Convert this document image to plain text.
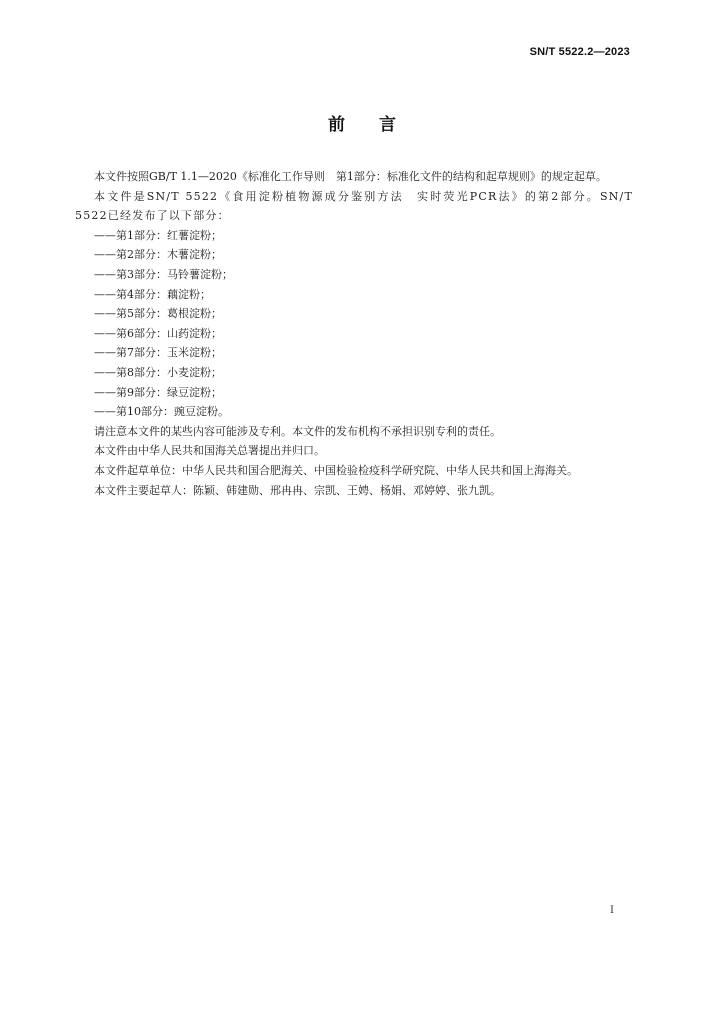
SN/T 5522.2—2023
前言

本文件按照GB/T 1.1—2020《标准化工作导则　第1部分：标准化文件的结构和起草规则》的规定起草。

本文件是SN/T 5522《食用淀粉植物源成分鉴别方法　实时荧光PCR法》的第2部分。SN/T 5522已经发布了以下部分：

——第1部分：红薯淀粉；
——第2部分：木薯淀粉；
——第3部分：马铃薯淀粉；
——第4部分：藕淀粉；
——第5部分：葛根淀粉；
——第6部分：山药淀粉；
——第7部分：玉米淀粉；
——第8部分：小麦淀粉；
——第9部分：绿豆淀粉；
——第10部分：豌豆淀粉。

请注意本文件的某些内容可能涉及专利。本文件的发布机构不承担识别专利的责任。

本文件由中华人民共和国海关总署提出并归口。

本文件起草单位：中华人民共和国合肥海关、中国检验检疫科学研究院、中华人民共和国上海海关。

本文件主要起草人：陈颖、韩建勋、邢冉冉、宗凯、王娉、杨娟、邓婷婷、张九凯。

I
